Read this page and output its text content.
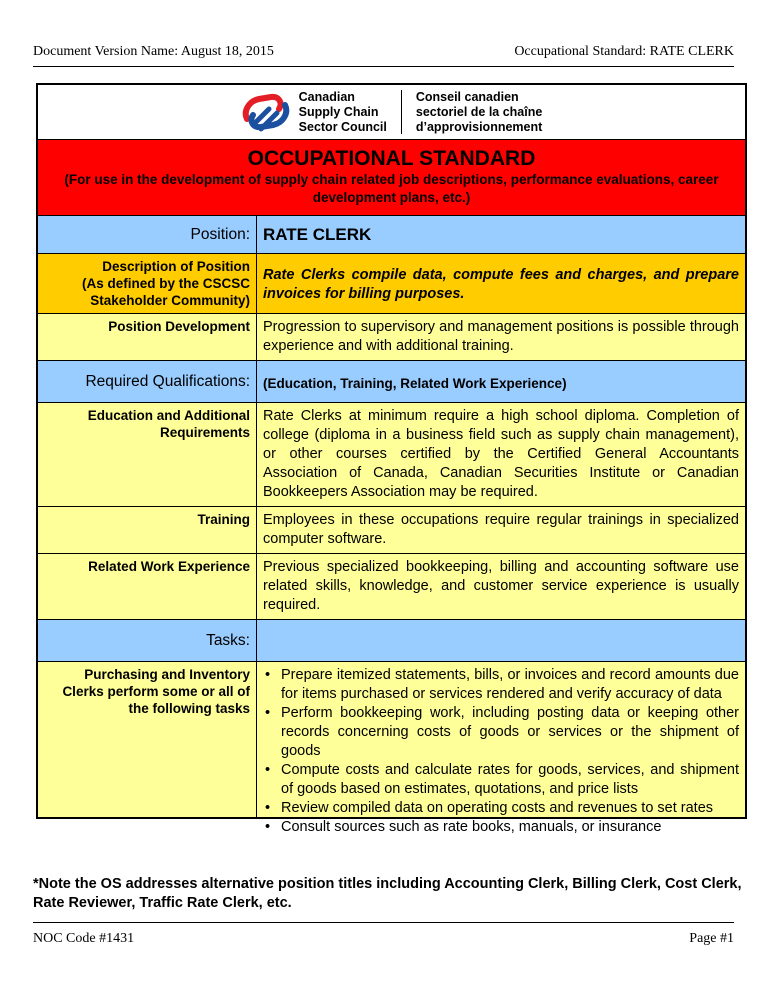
Document Version Name: August 18, 2015	Occupational Standard: RATE CLERK
Canadian
Supply Chain
Sector Council
Conseil canadien
sectoriel de la chaîne
d’approvisionnement
OCCUPATIONAL STANDARD
(For use in the development of supply chain related job descriptions, performance evaluations, career development plans, etc.)
Position: RATE CLERK
Description of Position
(As defined by the CSCSC Stakeholder Community)
Rate Clerks compile data, compute fees and charges, and prepare invoices for billing purposes.
Position Development Progression to supervisory and management positions is possible through experience and with additional training.
Required Qualifications: (Education, Training, Related Work Experience)
Education and Additional Requirements
Rate Clerks at minimum require a high school diploma. Completion of college (diploma in a business field such as supply chain management), or other courses certified by the Certified General Accountants Association of Canada, Canadian Securities Institute or Canadian Bookkeepers Association may be required.
Training Employees in these occupations require regular trainings in specialized computer software.
Related Work Experience Previous specialized bookkeeping, billing and accounting software use related skills, knowledge, and customer service experience is usually required.
Tasks:
Purchasing and Inventory Clerks perform some or all of the following tasks
• Prepare itemized statements, bills, or invoices and record amounts due for items purchased or services rendered and verify accuracy of data
• Perform bookkeeping work, including posting data or keeping other records concerning costs of goods or services or the shipment of goods
• Compute costs and calculate rates for goods, services, and shipment of goods based on estimates, quotations, and price lists
• Review compiled data on operating costs and revenues to set rates
• Consult sources such as rate books, manuals, or insurance
*Note the OS addresses alternative position titles including Accounting Clerk, Billing Clerk, Cost Clerk, Rate Reviewer, Traffic Rate Clerk, etc.
NOC Code #1431	Page #1
